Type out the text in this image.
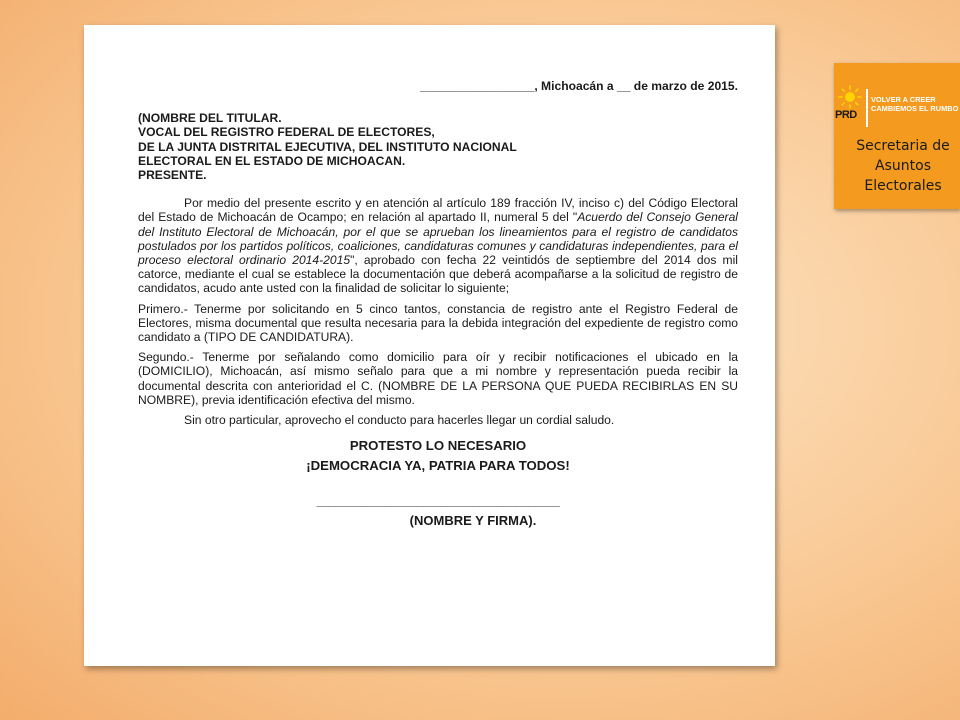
_________________, Michoacán a __ de marzo de 2015.
(NOMBRE DEL TITULAR.
VOCAL DEL REGISTRO FEDERAL DE ELECTORES,
DE LA JUNTA DISTRITAL EJECUTIVA, DEL INSTITUTO NACIONAL
ELECTORAL EN EL ESTADO DE MICHOACAN.
PRESENTE.
Por medio del presente escrito y en atención al artículo 189 fracción IV, inciso c) del Código Electoral del Estado de Michoacán de Ocampo; en relación al apartado II, numeral 5 del "Acuerdo del Consejo General del Instituto Electoral de Michoacán, por el que se aprueban los lineamientos para el registro de candidatos postulados por los partidos políticos, coaliciones, candidaturas comunes y candidaturas independientes, para el proceso electoral ordinario 2014-2015", aprobado con fecha 22 veintidós de septiembre del 2014 dos mil catorce, mediante el cual se establece la documentación que deberá acompañarse a la solicitud de registro de candidatos, acudo ante usted con la finalidad de solicitar lo siguiente;
Primero.- Tenerme por solicitando en 5 cinco tantos, constancia de registro ante el Registro Federal de Electores, misma documental que resulta necesaria para la debida integración del expediente de registro como candidato a (TIPO DE CANDIDATURA).
Segundo.- Tenerme por señalando como domicilio para oír y recibir notificaciones el ubicado en la (DOMICILIO), Michoacán, así mismo señalo para que a mi nombre y representación pueda recibir la documental descrita con anterioridad el C. (NOMBRE DE LA PERSONA QUE PUEDA RECIBIRLAS EN SU NOMBRE), previa identificación efectiva del mismo.
Sin otro particular, aprovecho el conducto para hacerles llegar un cordial saludo.
PROTESTO LO NECESARIO
¡DEMOCRACIA YA, PATRIA PARA TODOS!
_______________________________________
(NOMBRE Y FIRMA).
PRD
VOLVER A CREER
CAMBIEMOS EL RUMBO
Secretaria de
Asuntos
Electorales
